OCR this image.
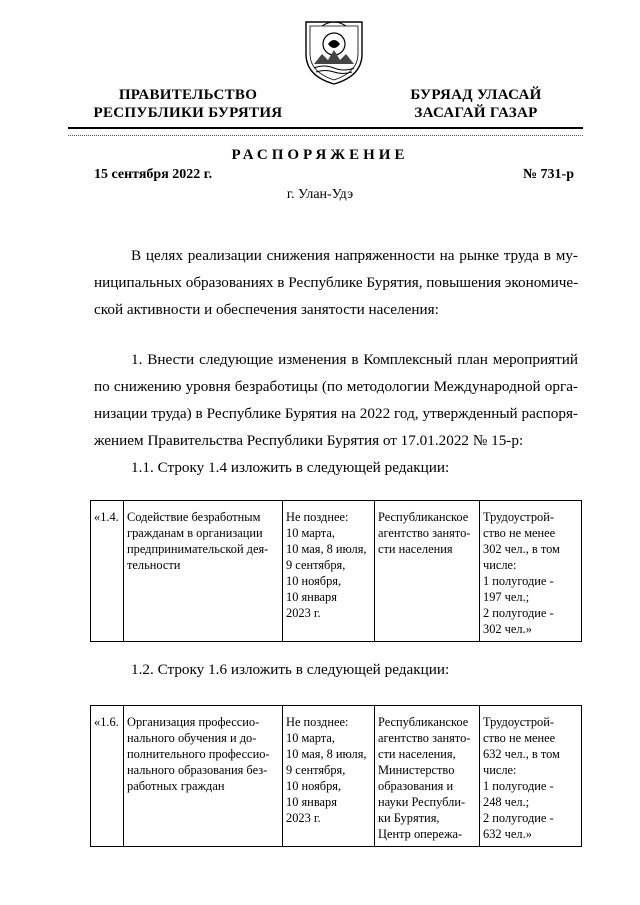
ПРАВИТЕЛЬСТВО
РЕСПУБЛИКИ БУРЯТИЯ
БУРЯАД УЛАСАЙ
ЗАСАГАЙ ГАЗАР
РАСПОРЯЖЕНИЕ
15 сентября 2022 г.	№ 731-р
г. Улан-Удэ
В целях реализации снижения напряженности на рынке труда в му-
ниципальных образованиях в Республике Бурятия, повышения экономиче-
ской активности и обеспечения занятости населения:
1. Внести следующие изменения в Комплексный план мероприятий
по снижению уровня безработицы (по методологии Международной орга-
низации труда) в Республике Бурятия на 2022 год, утвержденный распоря-
жением Правительства Республики Бурятия от 17.01.2022 № 15-р:
1.1. Строку 1.4 изложить в следующей редакции:
«1.4.	Содействие безработным
гражданам в организации
предпринимательской дея-
тельности	Не позднее:
10 марта,
10 мая, 8 июля,
9 сентября,
10 ноября,
10 января
2023 г.	Республиканское
агентство занято-
сти населения	Трудоустрой-
ство не менее
302 чел., в том
числе:
1 полугодие -
197 чел.;
2 полугодие -
302 чел.»
1.2. Строку 1.6 изложить в следующей редакции:
«1.6.	Организация профессио-
нального обучения и до-
полнительного профессио-
нального образования без-
работных граждан	Не позднее:
10 марта,
10 мая, 8 июля,
9 сентября,
10 ноября,
10 января
2023 г.	Республиканское
агентство занято-
сти населения,
Министерство
образования и
науки Республи-
ки Бурятия,
Центр опережа-	Трудоустрой-
ство не менее
632 чел., в том
числе:
1 полугодие -
248 чел.;
2 полугодие -
632 чел.»
